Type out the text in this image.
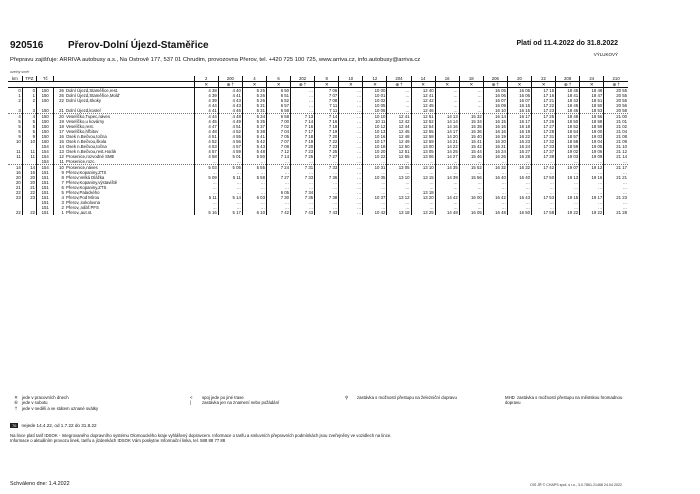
920516 Přerov-Dolní Újezd-Staměřice	Platí od 11.4.2022 do 31.8.2022
VÝLUKOVÝ
Přepravu zajišťuje: ARRIVA autobusy a.s., Na Ostrově 177, 537 01 Chrudim, provozovna Přerov, tel. +420 725 100 725, www.arriva.cz, info.autobusy@arriva.cz
ozelný směr
km	TPZ	Tč			2	200	4	6	202	8	10	12	204	14	16	18	206	20	22	208	24	210
					✕	⊕ †	✕	✕	⊕ †	✕	✕	✕	⊕ †	✕	✕	✕	⊕ †	✕	✕	⊕ †	✕	⊕ †
0	0	150	26	Dolní Újezd,Staměřice,rest.	4 38	4 40	5 25	6 50	…	7 06	…	10 00	…	12 40	…	…	16 05	16 05	17 15	18 45	18 48	20 55
1	1	150	26	Dolní Újezd,Staměřice,Mold'	4 39	4 41	5 26	6 51	…	7 07	…	10 01	…	12 41	…	…	16 06	16 06	17 16	18 41	18 47	20 55
2	2	150	22	Dolní Újezd,Skoky	4 39	4 43	5 26	6 52	…	7 08	…	10 02	…	12 42	…	…	16 07	16 07	17 21	18 43	18 51	20 55
					4 44	4 43	5 31	6 57	…	7 11	…	10 05	…	12 45	…	…	16 09	16 15	17 22	18 45	18 50	20 56
3	3	150	21	Dolní Újezd,kostel	4 41	4 46	5 31	6 58	…	7 11	…	10 06	…	12 46	…	…	16 10	16 15	17 23	18 46	18 53	20 58
4	4	150	20	Veselíčko,Tupec,náves	4 44	4 48	5 34	6 58	7 13	7 14	…	10 10	12 41	12 51	14 13	15 32	16 14	16 17	17 25	18 48	18 56	21 00
5	5	150	19	Veselíčko,u kovárny	4 45	4 49	5 35	7 00	7 14	7 16	…	10 11	12 42	12 52	14 14	15 34	16 15	16 17	17 26	18 50	18 58	21 01
5	5	150	18	Veselíčko,rest.	4 47	4 51	5 37	7 02	7 16	7 18	…	10 12	12 44	12 54	14 16	15 35	16 16	16 18	17 27	18 52	18 59	21 02
5	5	150	17	Veselíčko,hřbitov	4 48	4 52	5 38	7 04	7 17	7 19	…	10 13	12 45	12 55	14 17	15 36	16 16	16 19	17 28	18 54	19 00	21 04
9	9	150	16	Osek n.Bečvou,točna	4 51	4 55	5 41	7 05	7 18	7 20	…	10 16	12 48	12 58	14 20	15 40	16 19	16 22	17 31	18 57	19 03	21 08
10	10	150	15	Osek n.Bečvou,škola	4 52	4 56	5 42	7 07	7 19	7 22	…	10 17	12 49	12 59	14 21	15 41	16 20	16 23	17 32	18 58	19 04	21 09
		154	14	Osek n.Bečvou,točna	4 53	4 57	5 43	7 08	7 20	7 23	…	10 18	12 50	13 00	14 22	15 42	16 21	16 24	17 33	18 59	19 05	21 10
11	11	154	13	Osek n.Bečvou,rest.Horák	4 57	4 59	5 48	7 12	7 23	7 25	…	10 20	12 51	13 05	14 25	15 44	16 24	16 27	17 37	19 02	19 06	21 12
11	11	154	12	Prosenice,rozvodné SME	4 58	5 01	5 50	7 14	7 25	7 27	…	10 22	12 55	13 06	14 27	15 46	16 26	16 28	17 39	19 03	19 09	21 14
		154	11	Prosenice,rozc.	…	…	…	…	…	…	…	…	…	…	…	…	…	…	…	…	…	…
14	14	154	10	Prosenice,náves	5 03	5 05	5 55	7 24	7 31	7 33	…	10 31	13 05	13 10	14 35	15 52	16 32	16 32	17 42	19 07	19 12	21 17
16	16	151	9	Přerov,Kopaniny,ZTS	…	…	…	…	…	…	…	…	…	…	…	…	…	…	…	…	…	…
20	20	151	8	Přerov,Velká Dlážka	5 09	5 11	5 58	7 27	7 33	7 36	…	10 35	13 10	13 15	14 39	15 56	16 40	16 40	17 50	19 13	19 16	21 21
20	20	151	7	Přerov,Kopaniny,výstaviště	…	…	…	…	…	…	…	…	…	…	…	…	…	…	…	…	…	…
21	21	151	6	Přerov,Kopaniny,ZTS	…	…	…	…	…	…	…	…	…	…	…	…	…	…	…	…	…	…
22	22	151	5	Přerov,Palackého	…	…	…	6 05	7 34	…	…	…	…	13 18	…	…	…	…	…	…	…	…
23	23	151	4	Přerov,Pod Mírou	5 11	5 14	6 03	7 30	7 35	7 38	…	10 37	13 12	13 20	14 42	16 00	16 42	16 43	17 53	19 15	19 17	21 23
		151	3	Přerov,,sokolovna	…	…	…	…	…	…	…	…	…	…	…	…	…	…	…	…	…	…
		151	2	Přerov,,nábř.PFS	…	…	…	…	…	…	…	…	…	…	…	…	…	…	…	…	…	…
22	22	151	1	Přerov,,aut.st.	5 16	5 17	6 10	7 42	7 43	7 43	…	10 42	13 18	13 25	14 48	16 05	16 48	16 50	17 58	19 22	19 22	21 28
✕ jede v pracovních dnech
⑥ jede v sobotu
† jede v neděli a ve státem uznané svátky
< spoj jede po jiné trase
|	zastávka jen na znamení nebo požádání
⚲ zastávka s možností přestupu na železniční dopravu	MHD zastávka s možností přestupu na městskou hromadnou dopravu
76 nejede 14.4.22, od 1.7.22 do 31.8.22
Na lince platí tarif IDSOK - Integrovaného dopravního systému Olomouckého kraje vyhlášený dopravcem. Informace o tarifu a smluvních přepravních podmínkách jsou zveřejněny ve vozidlech na lince.
Informace o aktuálním provozu linek, tarifu a jízdenkách IDSOK Vám poskytne Informační linka, tel. 588 88 77 88
Schváleno dne: 1.4.2022	OIS JŘ © CHAPS spol. s r.o., 3.0.7861.21468 24.04.2022
